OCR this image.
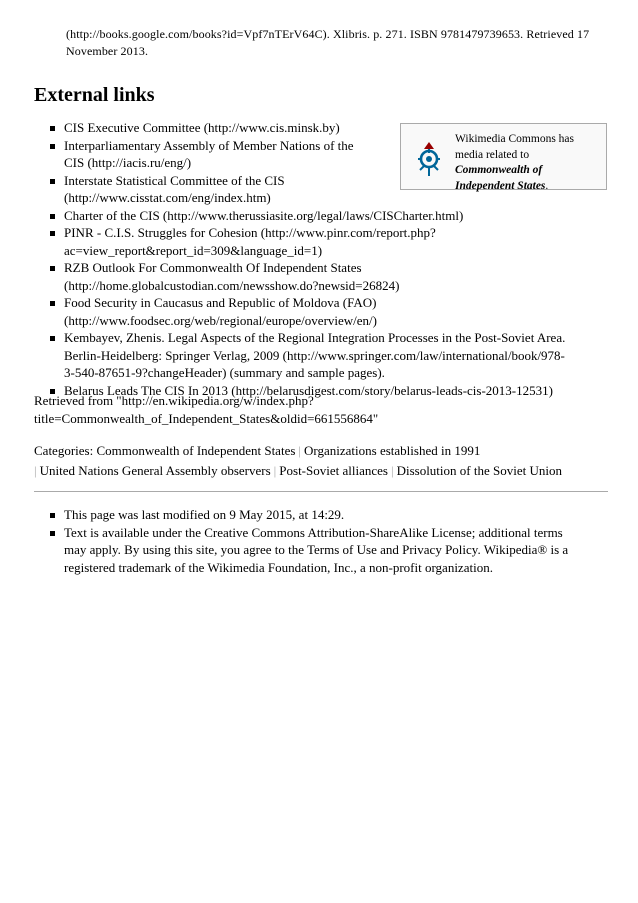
(http://books.google.com/books?id=Vpf7nTErV64C). Xlibris. p. 271. ISBN 9781479739653. Retrieved 17 November 2013.
External links
Wikimedia Commons has media related to Commonwealth of Independent States.
CIS Executive Committee (http://www.cis.minsk.by)
Interparliamentary Assembly of Member Nations of the
CIS (http://iacis.ru/eng/)
Interstate Statistical Committee of the CIS
(http://www.cisstat.com/eng/index.htm)
Charter of the CIS (http://www.therussiasite.org/legal/laws/CISCharter.html)
PINR - C.I.S. Struggles for Cohesion (http://www.pinr.com/report.php?
ac=view_report&report_id=309&language_id=1)
RZB Outlook For Commonwealth Of Independent States
(http://home.globalcustodian.com/newsshow.do?newsid=26824)
Food Security in Caucasus and Republic of Moldova (FAO)
(http://www.foodsec.org/web/regional/europe/overview/en/)
Kembayev, Zhenis. Legal Aspects of the Regional Integration Processes in the Post-Soviet Area.
Berlin-Heidelberg: Springer Verlag, 2009 (http://www.springer.com/law/international/book/978-
3-540-87651-9?changeHeader) (summary and sample pages).
Belarus Leads The CIS In 2013 (http://belarusdigest.com/story/belarus-leads-cis-2013-12531)
Retrieved from "http://en.wikipedia.org/w/index.php?
title=Commonwealth_of_Independent_States&oldid=661556864"
Categories: Commonwealth of Independent States | Organizations established in 1991
| United Nations General Assembly observers | Post-Soviet alliances | Dissolution of the Soviet Union
This page was last modified on 9 May 2015, at 14:29.
Text is available under the Creative Commons Attribution-ShareAlike License; additional terms
may apply. By using this site, you agree to the Terms of Use and Privacy Policy. Wikipedia® is a
registered trademark of the Wikimedia Foundation, Inc., a non-profit organization.
